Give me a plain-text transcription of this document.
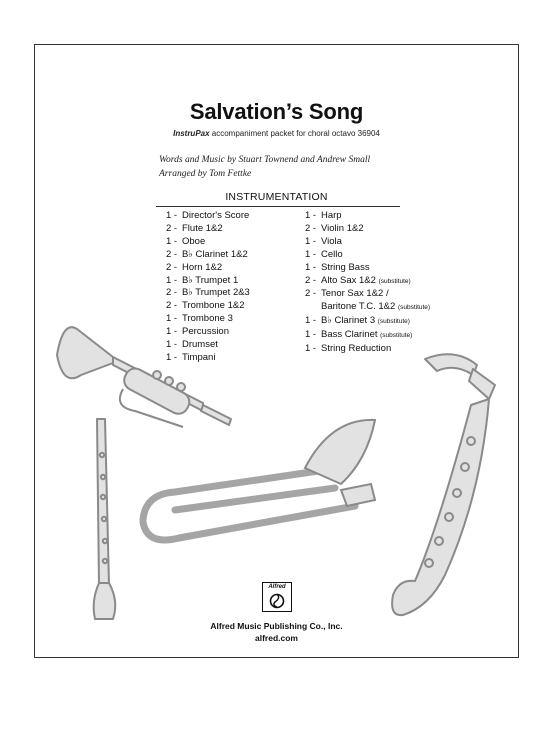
Salvation’s Song
InstruPax accompaniment packet for choral octavo 36904
Words and Music by Stuart Townend and Andrew Small
Arranged by Tom Fettke
INSTRUMENTATION
1 - Director's Score
2 - Flute 1&2
1 - Oboe
2 - B♭ Clarinet 1&2
2 - Horn 1&2
1 - B♭ Trumpet 1
2 - B♭ Trumpet 2&3
2 - Trombone 1&2
1 - Trombone 3
1 - Percussion
1 - Drumset
1 - Timpani
1 - Harp
2 - Violin 1&2
1 - Viola
1 - Cello
1 - String Bass
2 - Alto Sax 1&2 (substitute)
2 - Tenor Sax 1&2 /
Baritone T.C. 1&2 (substitute)
1 - B♭ Clarinet 3 (substitute)
1 - Bass Clarinet (substitute)
1 - String Reduction
Alfred
Alfred Music Publishing Co., Inc.
alfred.com
